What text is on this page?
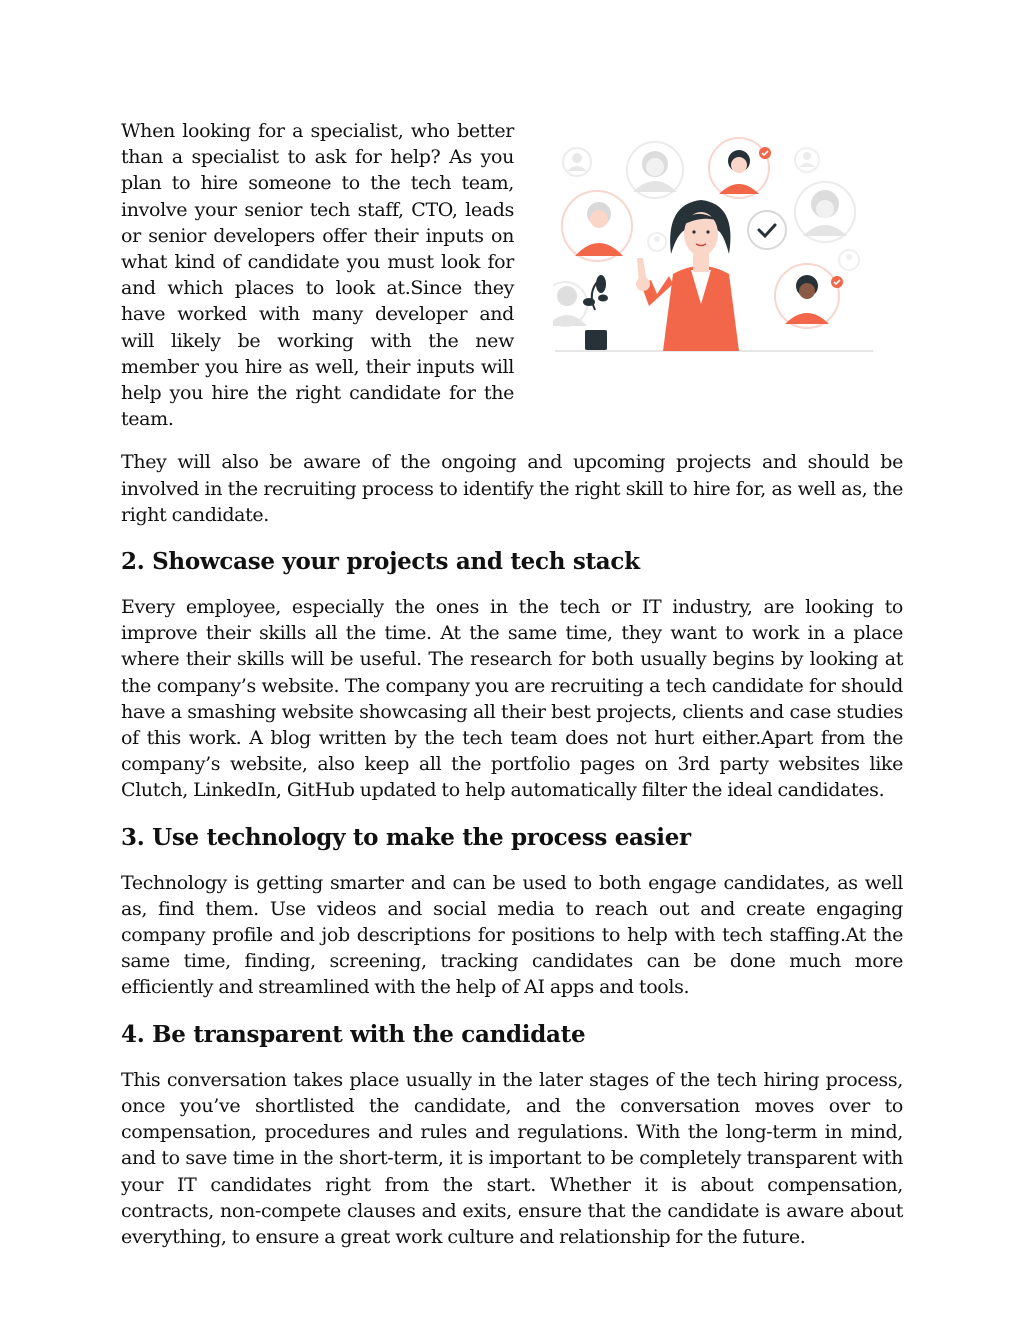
When looking for a specialist, who better than a specialist to ask for help? As you plan to hire someone to the tech team, involve your senior tech staff, CTO, leads or senior developers offer their inputs on what kind of candidate you must look for and which places to look at.Since they have worked with many developer and will likely be working with the new member you hire as well, their inputs will help you hire the right candidate for the team.

They will also be aware of the ongoing and upcoming projects and should be involved in the recruiting process to identify the right skill to hire for, as well as, the right candidate.

2. Showcase your projects and tech stack

Every employee, especially the ones in the tech or IT industry, are looking to improve their skills all the time. At the same time, they want to work in a place where their skills will be useful. The research for both usually begins by looking at the company’s website. The company you are recruiting a tech candidate for should have a smashing website showcasing all their best projects, clients and case studies of this work. A blog written by the tech team does not hurt either.Apart from the company’s website, also keep all the portfolio pages on 3rd party websites like Clutch, LinkedIn, GitHub updated to help automatically filter the ideal candidates.

3. Use technology to make the process easier

Technology is getting smarter and can be used to both engage candidates, as well as, find them. Use videos and social media to reach out and create engaging company profile and job descriptions for positions to help with tech staffing.At the same time, finding, screening, tracking candidates can be done much more efficiently and streamlined with the help of AI apps and tools.

4. Be transparent with the candidate

This conversation takes place usually in the later stages of the tech hiring process, once you’ve shortlisted the candidate, and the conversation moves over to compensation, procedures and rules and regulations. With the long-term in mind, and to save time in the short-term, it is important to be completely transparent with your IT candidates right from the start. Whether it is about compensation, contracts, non-compete clauses and exits, ensure that the candidate is aware about everything, to ensure a great work culture and relationship for the future.
